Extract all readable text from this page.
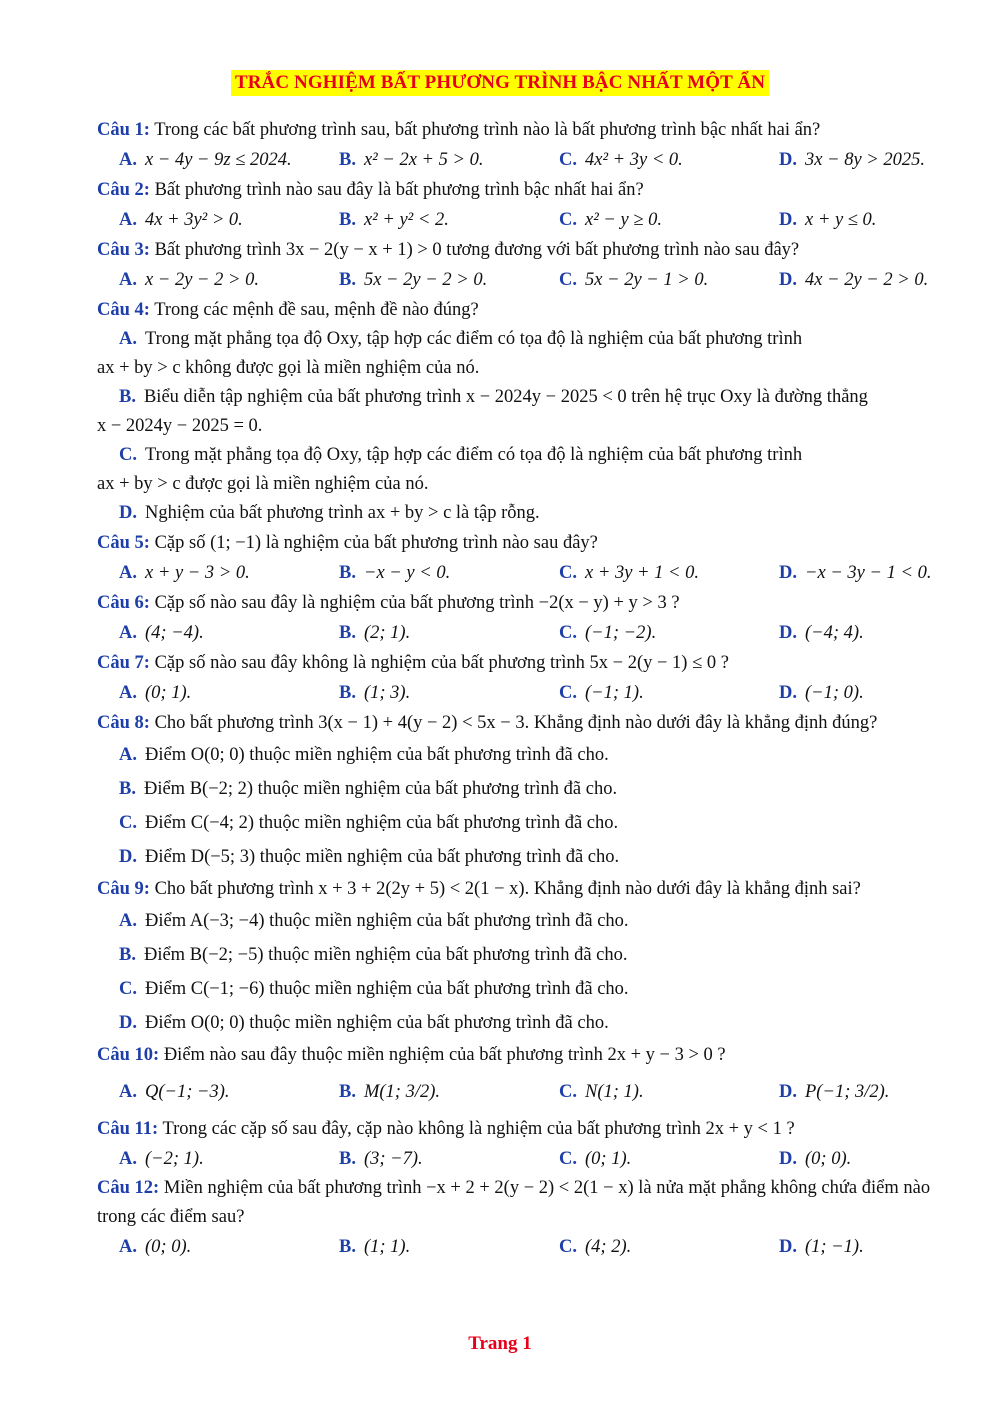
TRẮC NGHIỆM BẤT PHƯƠNG TRÌNH BẬC NHẤT MỘT ẨN
Câu 1: Trong các bất phương trình sau, bất phương trình nào là bất phương trình bậc nhất hai ẩn?
A. x − 4y − 9z ≤ 2024.	B. x² − 2x + 5 > 0.	C. 4x² + 3y < 0.	D. 3x − 8y > 2025.
Câu 2: Bất phương trình nào sau đây là bất phương trình bậc nhất hai ẩn?
A. 4x + 3y² > 0.	B. x² + y² < 2.	C. x² − y ≥ 0.	D. x + y ≤ 0.
Câu 3: Bất phương trình 3x − 2(y − x + 1) > 0 tương đương với bất phương trình nào sau đây?
A. x − 2y − 2 > 0.	B. 5x − 2y − 2 > 0.	C. 5x − 2y − 1 > 0.	D. 4x − 2y − 2 > 0.
Câu 4: Trong các mệnh đề sau, mệnh đề nào đúng?
A. Trong mặt phẳng tọa độ Oxy, tập hợp các điểm có tọa độ là nghiệm của bất phương trình
ax + by > c không được gọi là miền nghiệm của nó.
B. Biểu diễn tập nghiệm của bất phương trình x − 2024y − 2025 < 0 trên hệ trục Oxy là đường thẳng
x − 2024y − 2025 = 0.
C. Trong mặt phẳng tọa độ Oxy, tập hợp các điểm có tọa độ là nghiệm của bất phương trình
ax + by > c được gọi là miền nghiệm của nó.
D. Nghiệm của bất phương trình ax + by > c là tập rỗng.
Câu 5: Cặp số (1; −1) là nghiệm của bất phương trình nào sau đây?
A. x + y − 3 > 0.	B. −x − y < 0.	C. x + 3y + 1 < 0.	D. −x − 3y − 1 < 0.
Câu 6: Cặp số nào sau đây là nghiệm của bất phương trình −2(x − y) + y > 3 ?
A. (4; −4).	B. (2; 1).	C. (−1; −2).	D. (−4; 4).
Câu 7: Cặp số nào sau đây không là nghiệm của bất phương trình 5x − 2(y − 1) ≤ 0 ?
A. (0; 1).	B. (1; 3).	C. (−1; 1).	D. (−1; 0).
Câu 8: Cho bất phương trình 3(x − 1) + 4(y − 2) < 5x − 3. Khẳng định nào dưới đây là khẳng định đúng?
A. Điểm O(0; 0) thuộc miền nghiệm của bất phương trình đã cho.
B. Điểm B(−2; 2) thuộc miền nghiệm của bất phương trình đã cho.
C. Điểm C(−4; 2) thuộc miền nghiệm của bất phương trình đã cho.
D. Điểm D(−5; 3) thuộc miền nghiệm của bất phương trình đã cho.
Câu 9: Cho bất phương trình x + 3 + 2(2y + 5) < 2(1 − x). Khẳng định nào dưới đây là khẳng định sai?
A. Điểm A(−3; −4) thuộc miền nghiệm của bất phương trình đã cho.
B. Điểm B(−2; −5) thuộc miền nghiệm của bất phương trình đã cho.
C. Điểm C(−1; −6) thuộc miền nghiệm của bất phương trình đã cho.
D. Điểm O(0; 0) thuộc miền nghiệm của bất phương trình đã cho.
Câu 10: Điểm nào sau đây thuộc miền nghiệm của bất phương trình 2x + y − 3 > 0 ?
A. Q(−1; −3).	B. M(1; 3/2).	C. N(1; 1).	D. P(−1; 3/2).
Câu 11: Trong các cặp số sau đây, cặp nào không là nghiệm của bất phương trình 2x + y < 1 ?
A. (−2; 1).	B. (3; −7).	C. (0; 1).	D. (0; 0).
Câu 12: Miền nghiệm của bất phương trình −x + 2 + 2(y − 2) < 2(1 − x) là nửa mặt phẳng không chứa điểm nào trong các điểm sau?
A. (0; 0).	B. (1; 1).	C. (4; 2).	D. (1; −1).
Trang 1
